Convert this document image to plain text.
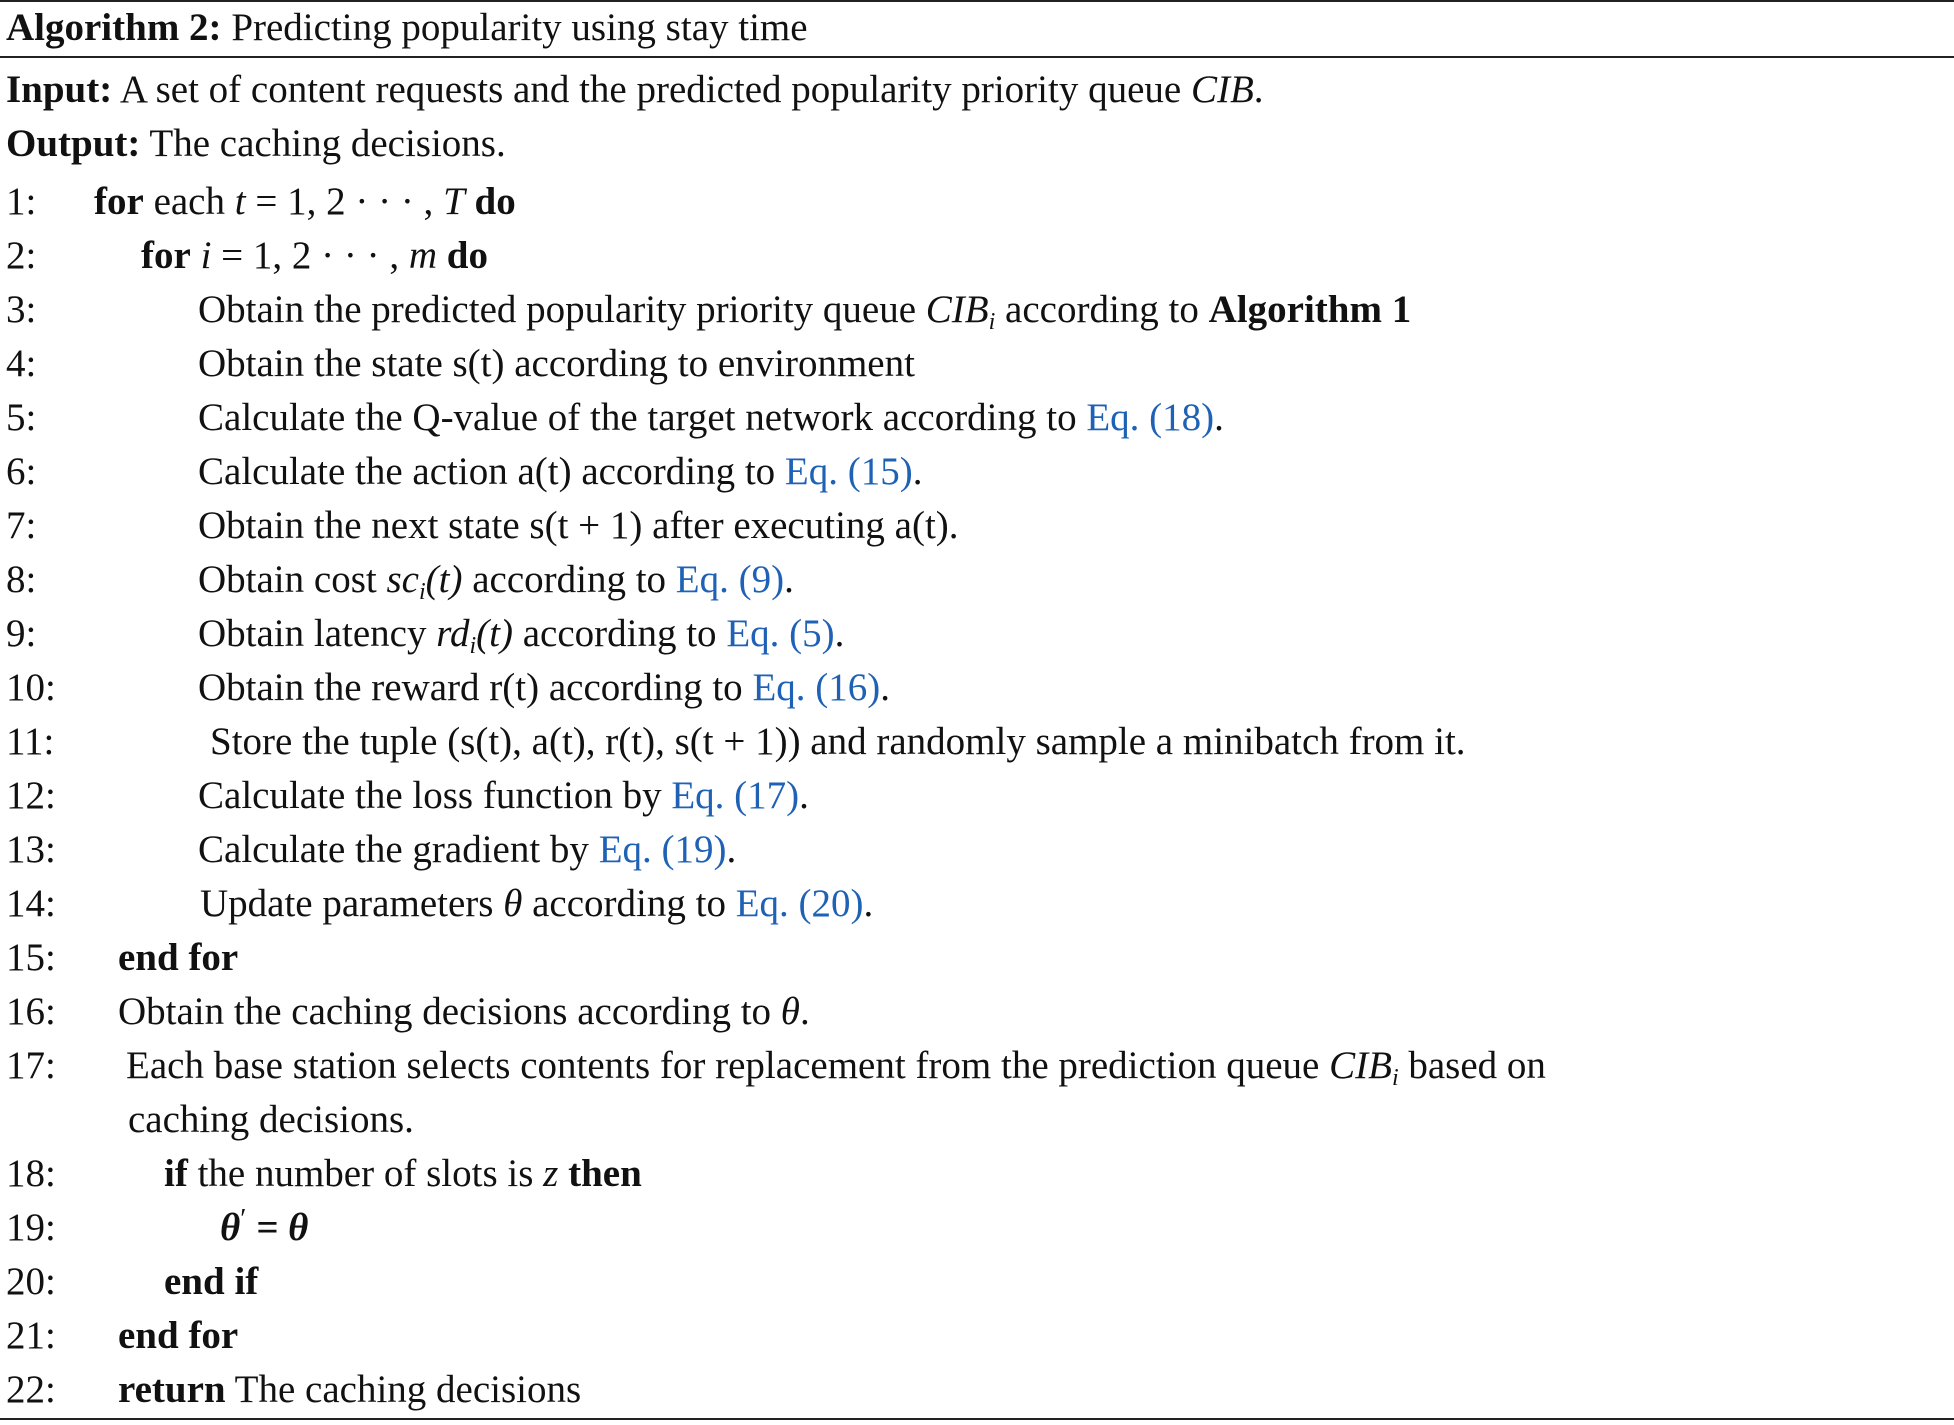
Algorithm 2: Predicting popularity using stay time
Input: A set of content requests and the predicted popularity priority queue CIB.
Output: The caching decisions.
1: for each t = 1, 2 · · · , T do
2:	for i = 1, 2 · · · , m do
3:	Obtain the predicted popularity priority queue CIBi according to Algorithm 1
4:	Obtain the state s(t) according to environment
5:	Calculate the Q-value of the target network according to Eq. (18).
6:	Calculate the action a(t) according to Eq. (15).
7:	Obtain the next state s(t + 1) after executing a(t).
8:	Obtain cost sci(t) according to Eq. (9).
9:	Obtain latency rdi(t) according to Eq. (5).
10:	Obtain the reward r(t) according to Eq. (16).
11:	Store the tuple (s(t), a(t), r(t), s(t + 1)) and randomly sample a minibatch from it.
12:	Calculate the loss function by Eq. (17).
13:	Calculate the gradient by Eq. (19).
14:	Update parameters θ according to Eq. (20).
15: end for
16: Obtain the caching decisions according to θ.
17: Each base station selects contents for replacement from the prediction queue CIBi based on
caching decisions.
18:	if the number of slots is z then
19:	θ′ = θ
20:	end if
21: end for
22: return The caching decisions
